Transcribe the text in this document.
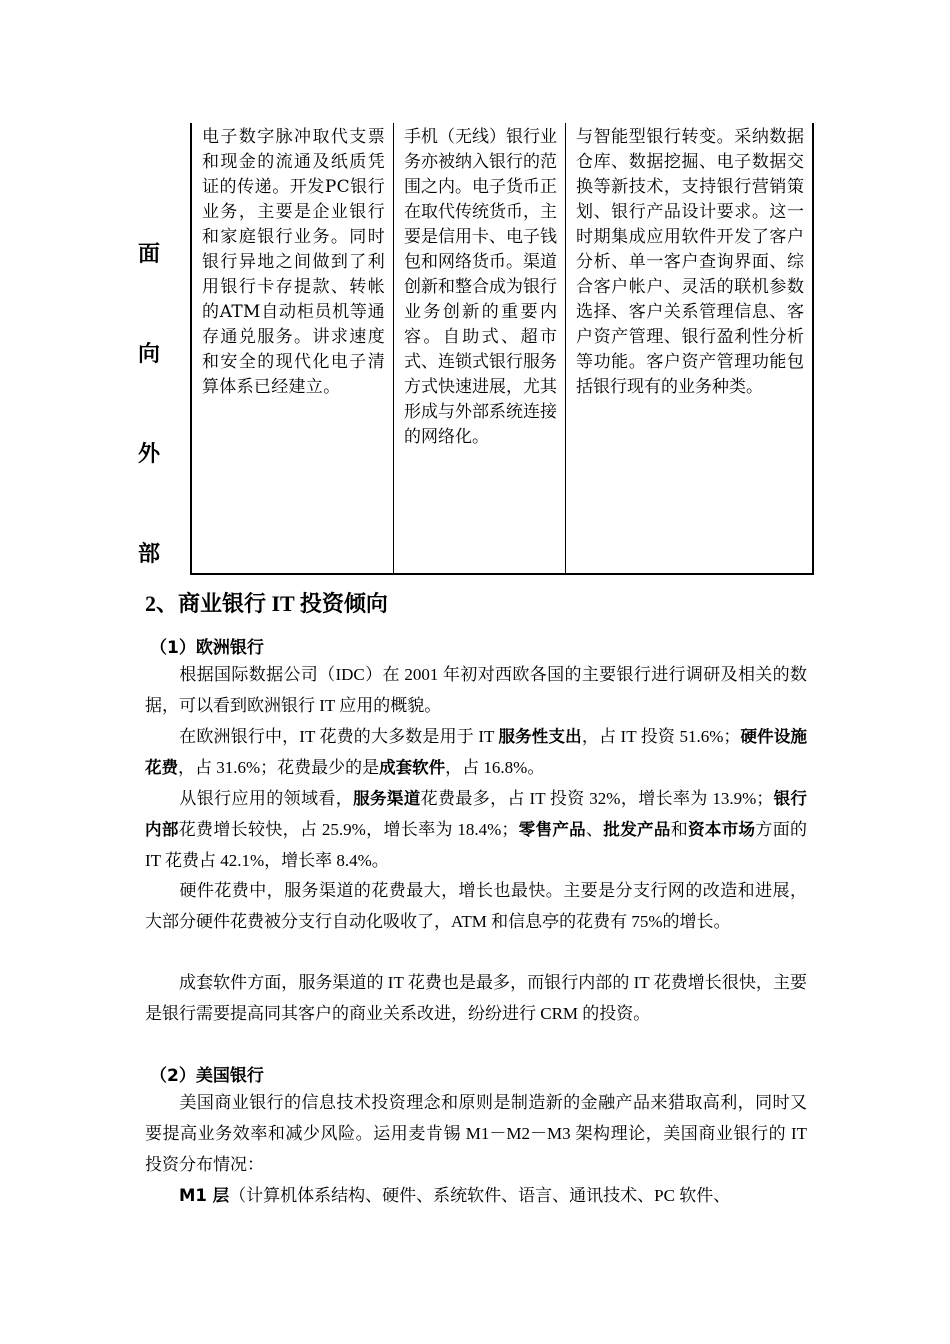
面
向
外
部
电子数字脉冲取代支票和现金的流通及纸质凭证的传递。开发PC银行业务，主要是企业银行和家庭银行业务。同时银行异地之间做到了利用银行卡存提款、转帐的ATM自动柜员机等通存通兑服务。讲求速度和安全的现代化电子清算体系已经建立。
手机（无线）银行业务亦被纳入银行的范围之内。电子货币正在取代传统货币，主要是信用卡、电子钱包和网络货币。渠道创新和整合成为银行业务创新的重要内容。自助式、超市式、连锁式银行服务方式快速进展，尤其形成与外部系统连接的网络化。
与智能型银行转变。采纳数据仓库、数据挖掘、电子数据交换等新技术，支持银行营销策划、银行产品设计要求。这一时期集成应用软件开发了客户分析、单一客户查询界面、综合客户帐户、灵活的联机参数选择、客户关系管理信息、客户资产管理、银行盈利性分析等功能。客户资产管理功能包括银行现有的业务种类。
2、商业银行 IT 投资倾向
（1）欧洲银行
根据国际数据公司（IDC）在 2001 年初对西欧各国的主要银行进行调研及相关的数据，可以看到欧洲银行 IT 应用的概貌。
在欧洲银行中，IT 花费的大多数是用于 IT 服务性支出，占 IT 投资 51.6%；硬件设施花费，占 31.6%；花费最少的是成套软件，占 16.8%。
从银行应用的领域看，服务渠道花费最多，占 IT 投资 32%，增长率为 13.9%；银行内部花费增长较快，占 25.9%，增长率为 18.4%；零售产品、批发产品和资本市场方面的 IT 花费占 42.1%，增长率 8.4%。
硬件花费中，服务渠道的花费最大，增长也最快。主要是分支行网的改造和进展，大部分硬件花费被分支行自动化吸收了，ATM 和信息亭的花费有 75%的增长。
成套软件方面，服务渠道的 IT 花费也是最多，而银行内部的 IT 花费增长很快，主要是银行需要提高同其客户的商业关系改进，纷纷进行 CRM 的投资。
（2）美国银行
美国商业银行的信息技术投资理念和原则是制造新的金融产品来猎取高利，同时又要提高业务效率和减少风险。运用麦肯锡 M1－M2－M3 架构理论，美国商业银行的 IT 投资分布情况：
M1 层（计算机体系结构、硬件、系统软件、语言、通讯技术、PC 软件、
